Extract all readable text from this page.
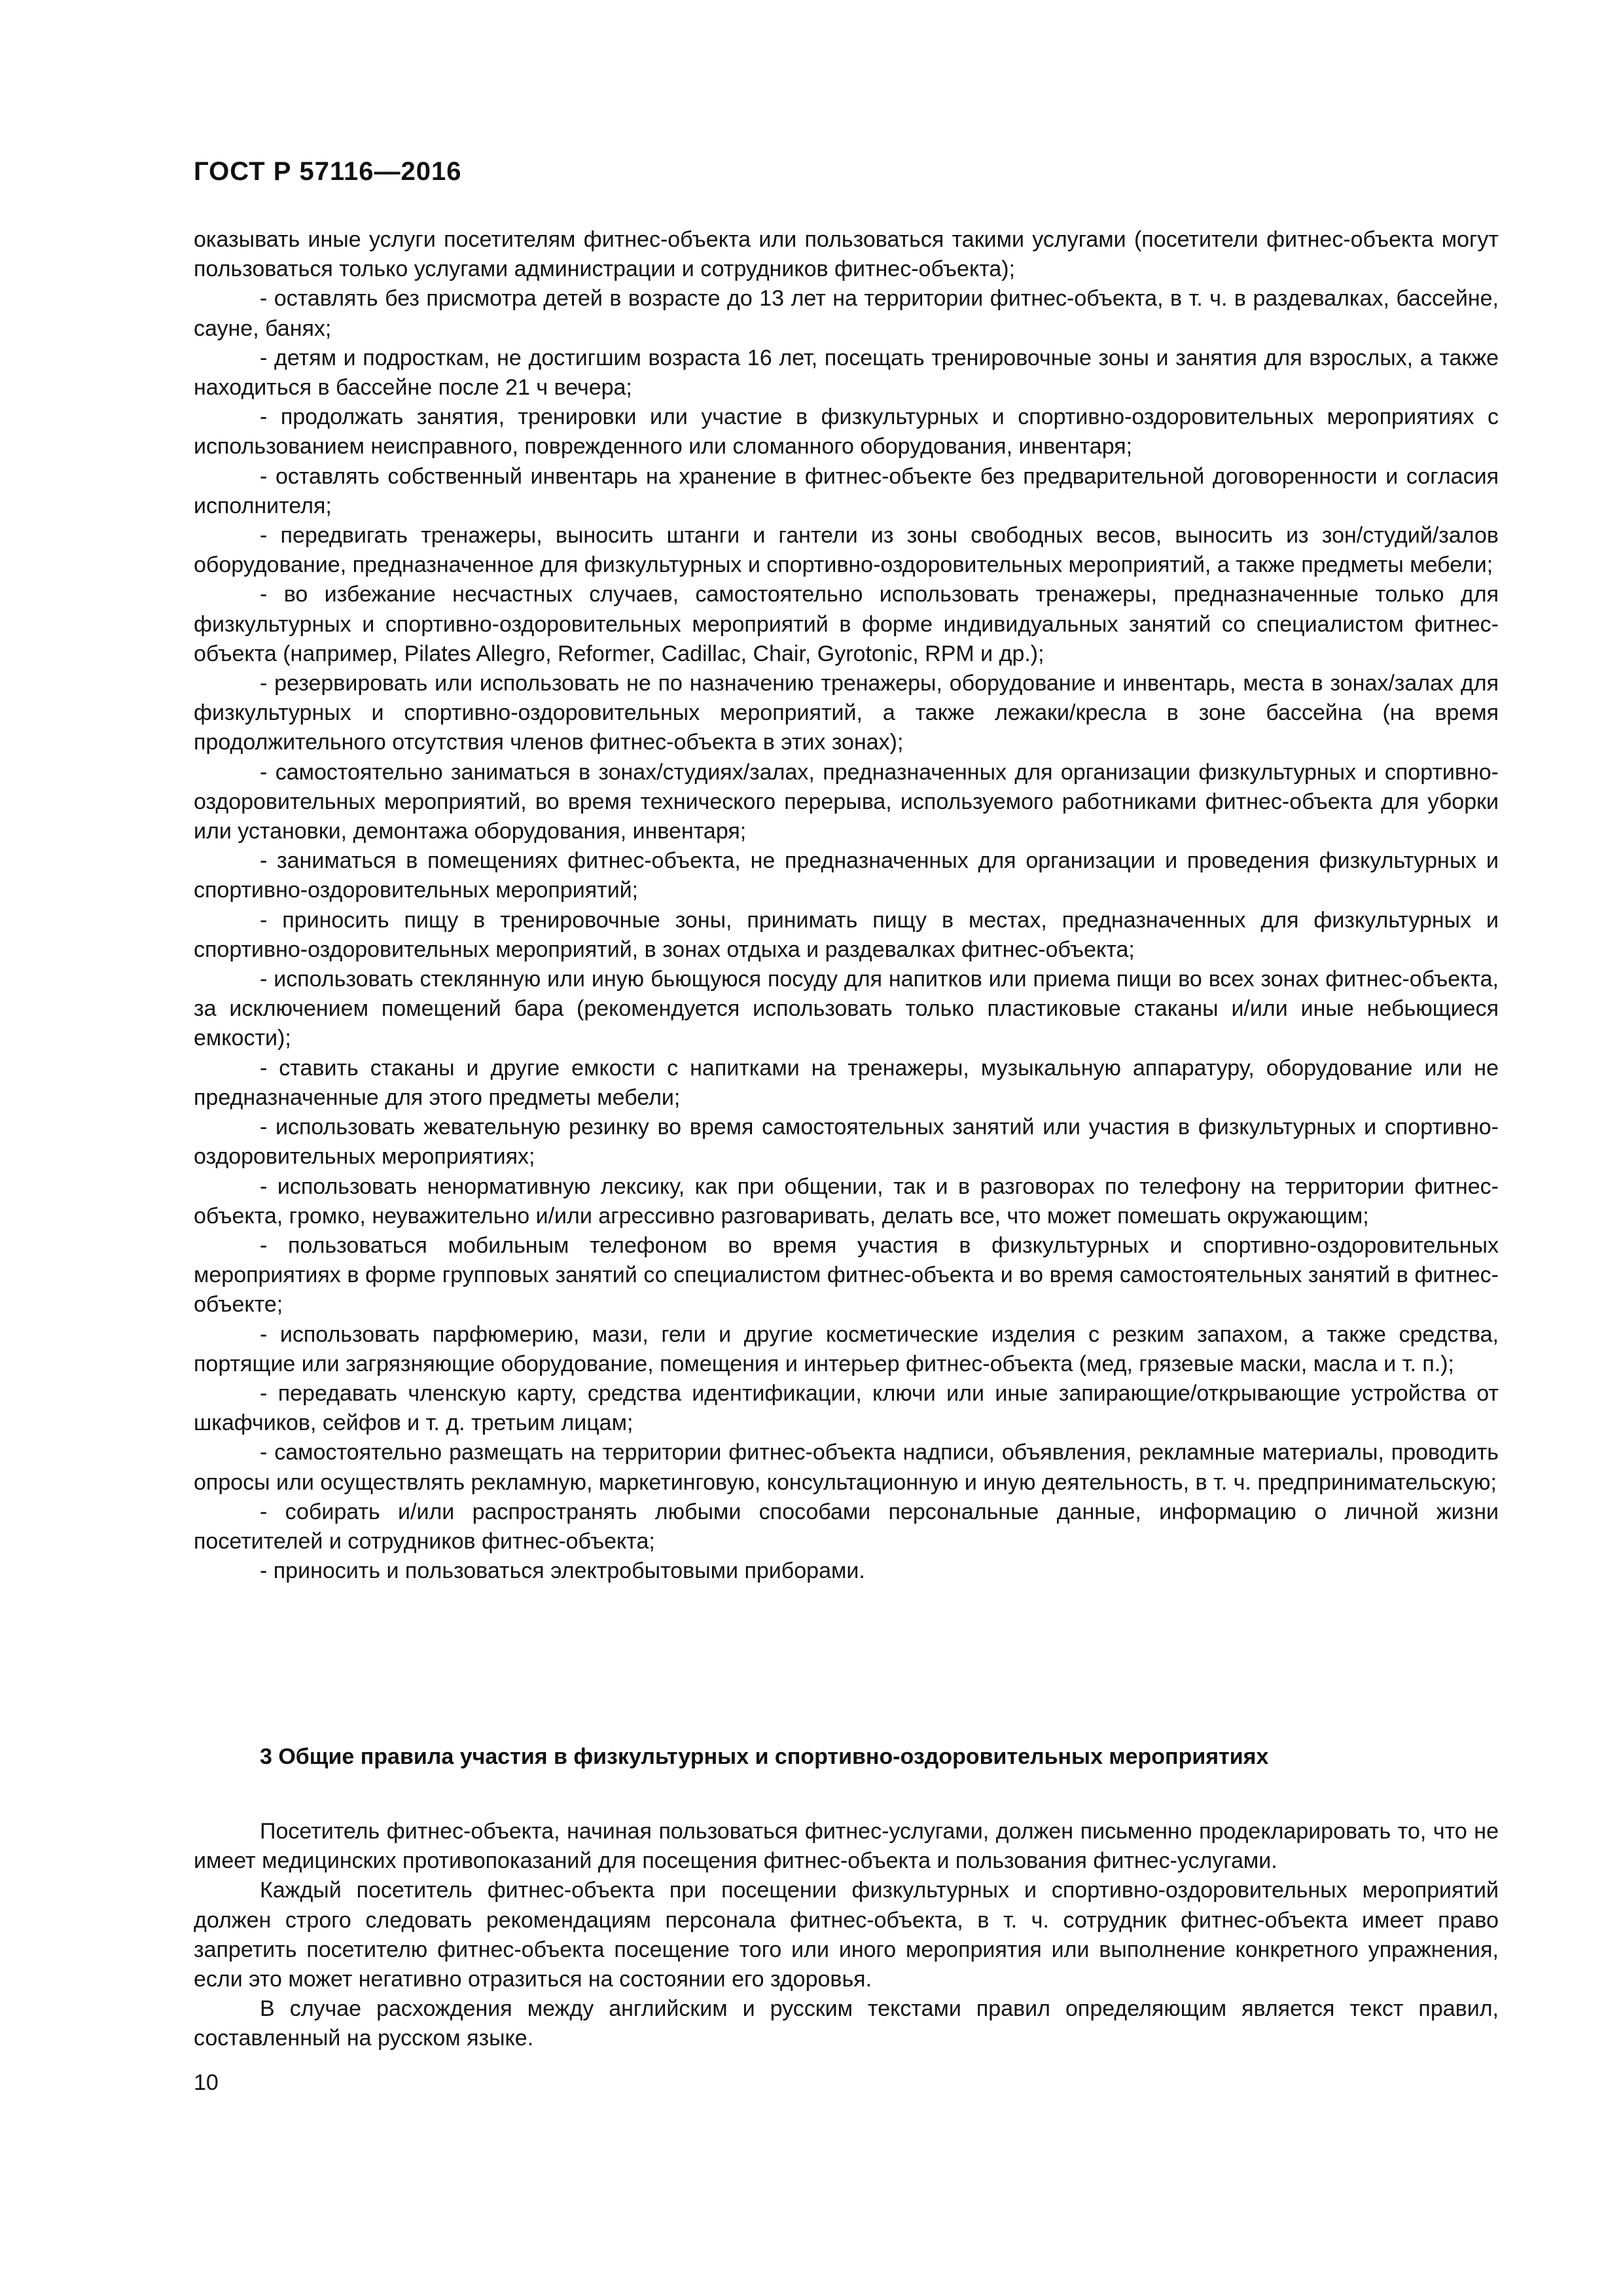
ГОСТ Р 57116—2016

оказывать иные услуги посетителям фитнес-объекта или пользоваться такими услугами (посетители фитнес-объекта могут пользоваться только услугами администрации и сотрудников фитнес-объекта);

- оставлять без присмотра детей в возрасте до 13 лет на территории фитнес-объекта, в т. ч. в раздевалках, бассейне, сауне, банях;

- детям и подросткам, не достигшим возраста 16 лет, посещать тренировочные зоны и занятия для взрослых, а также находиться в бассейне после 21 ч вечера;

- продолжать занятия, тренировки или участие в физкультурных и спортивно-оздоровительных мероприятиях с использованием неисправного, поврежденного или сломанного оборудования, инвентаря;

- оставлять собственный инвентарь на хранение в фитнес-объекте без предварительной договоренности и согласия исполнителя;

- передвигать тренажеры, выносить штанги и гантели из зоны свободных весов, выносить из зон/студий/залов оборудование, предназначенное для физкультурных и спортивно-оздоровительных мероприятий, а также предметы мебели;

- во избежание несчастных случаев, самостоятельно использовать тренажеры, предназначенные только для физкультурных и спортивно-оздоровительных мероприятий в форме индивидуальных занятий со специалистом фитнес-объекта (например, Pilates Allegro, Reformer, Cadillac, Chair, Gyrotonic, RPM и др.);

- резервировать или использовать не по назначению тренажеры, оборудование и инвентарь, места в зонах/залах для физкультурных и спортивно-оздоровительных мероприятий, а также лежаки/кресла в зоне бассейна (на время продолжительного отсутствия членов фитнес-объекта в этих зонах);

- самостоятельно заниматься в зонах/студиях/залах, предназначенных для организации физкультурных и спортивно-оздоровительных мероприятий, во время технического перерыва, используемого работниками фитнес-объекта для уборки или установки, демонтажа оборудования, инвентаря;

- заниматься в помещениях фитнес-объекта, не предназначенных для организации и проведения физкультурных и спортивно-оздоровительных мероприятий;

- приносить пищу в тренировочные зоны, принимать пищу в местах, предназначенных для физкультурных и спортивно-оздоровительных мероприятий, в зонах отдыха и раздевалках фитнес-объекта;

- использовать стеклянную или иную бьющуюся посуду для напитков или приема пищи во всех зонах фитнес-объекта, за исключением помещений бара (рекомендуется использовать только пластиковые стаканы и/или иные небьющиеся емкости);

- ставить стаканы и другие емкости с напитками на тренажеры, музыкальную аппаратуру, оборудование или не предназначенные для этого предметы мебели;

- использовать жевательную резинку во время самостоятельных занятий или участия в физкультурных и спортивно-оздоровительных мероприятиях;

- использовать ненормативную лексику, как при общении, так и в разговорах по телефону на территории фитнес-объекта, громко, неуважительно и/или агрессивно разговаривать, делать все, что может помешать окружающим;

- пользоваться мобильным телефоном во время участия в физкультурных и спортивно-оздоровительных мероприятиях в форме групповых занятий со специалистом фитнес-объекта и во время самостоятельных занятий в фитнес-объекте;

- использовать парфюмерию, мази, гели и другие косметические изделия с резким запахом, а также средства, портящие или загрязняющие оборудование, помещения и интерьер фитнес-объекта (мед, грязевые маски, масла и т. п.);

- передавать членскую карту, средства идентификации, ключи или иные запирающие/открывающие устройства от шкафчиков, сейфов и т. д. третьим лицам;

- самостоятельно размещать на территории фитнес-объекта надписи, объявления, рекламные материалы, проводить опросы или осуществлять рекламную, маркетинговую, консультационную и иную деятельность, в т. ч. предпринимательскую;

- собирать и/или распространять любыми способами персональные данные, информацию о личной жизни посетителей и сотрудников фитнес-объекта;

- приносить и пользоваться электробытовыми приборами.

3 Общие правила участия в физкультурных и спортивно-оздоровительных мероприятиях

Посетитель фитнес-объекта, начиная пользоваться фитнес-услугами, должен письменно продекларировать то, что не имеет медицинских противопоказаний для посещения фитнес-объекта и пользования фитнес-услугами.

Каждый посетитель фитнес-объекта при посещении физкультурных и спортивно-оздоровительных мероприятий должен строго следовать рекомендациям персонала фитнес-объекта, в т. ч. сотрудник фитнес-объекта имеет право запретить посетителю фитнес-объекта посещение того или иного мероприятия или выполнение конкретного упражнения, если это может негативно отразиться на состоянии его здоровья.

В случае расхождения между английским и русским текстами правил определяющим является текст правил, составленный на русском языке.

10
